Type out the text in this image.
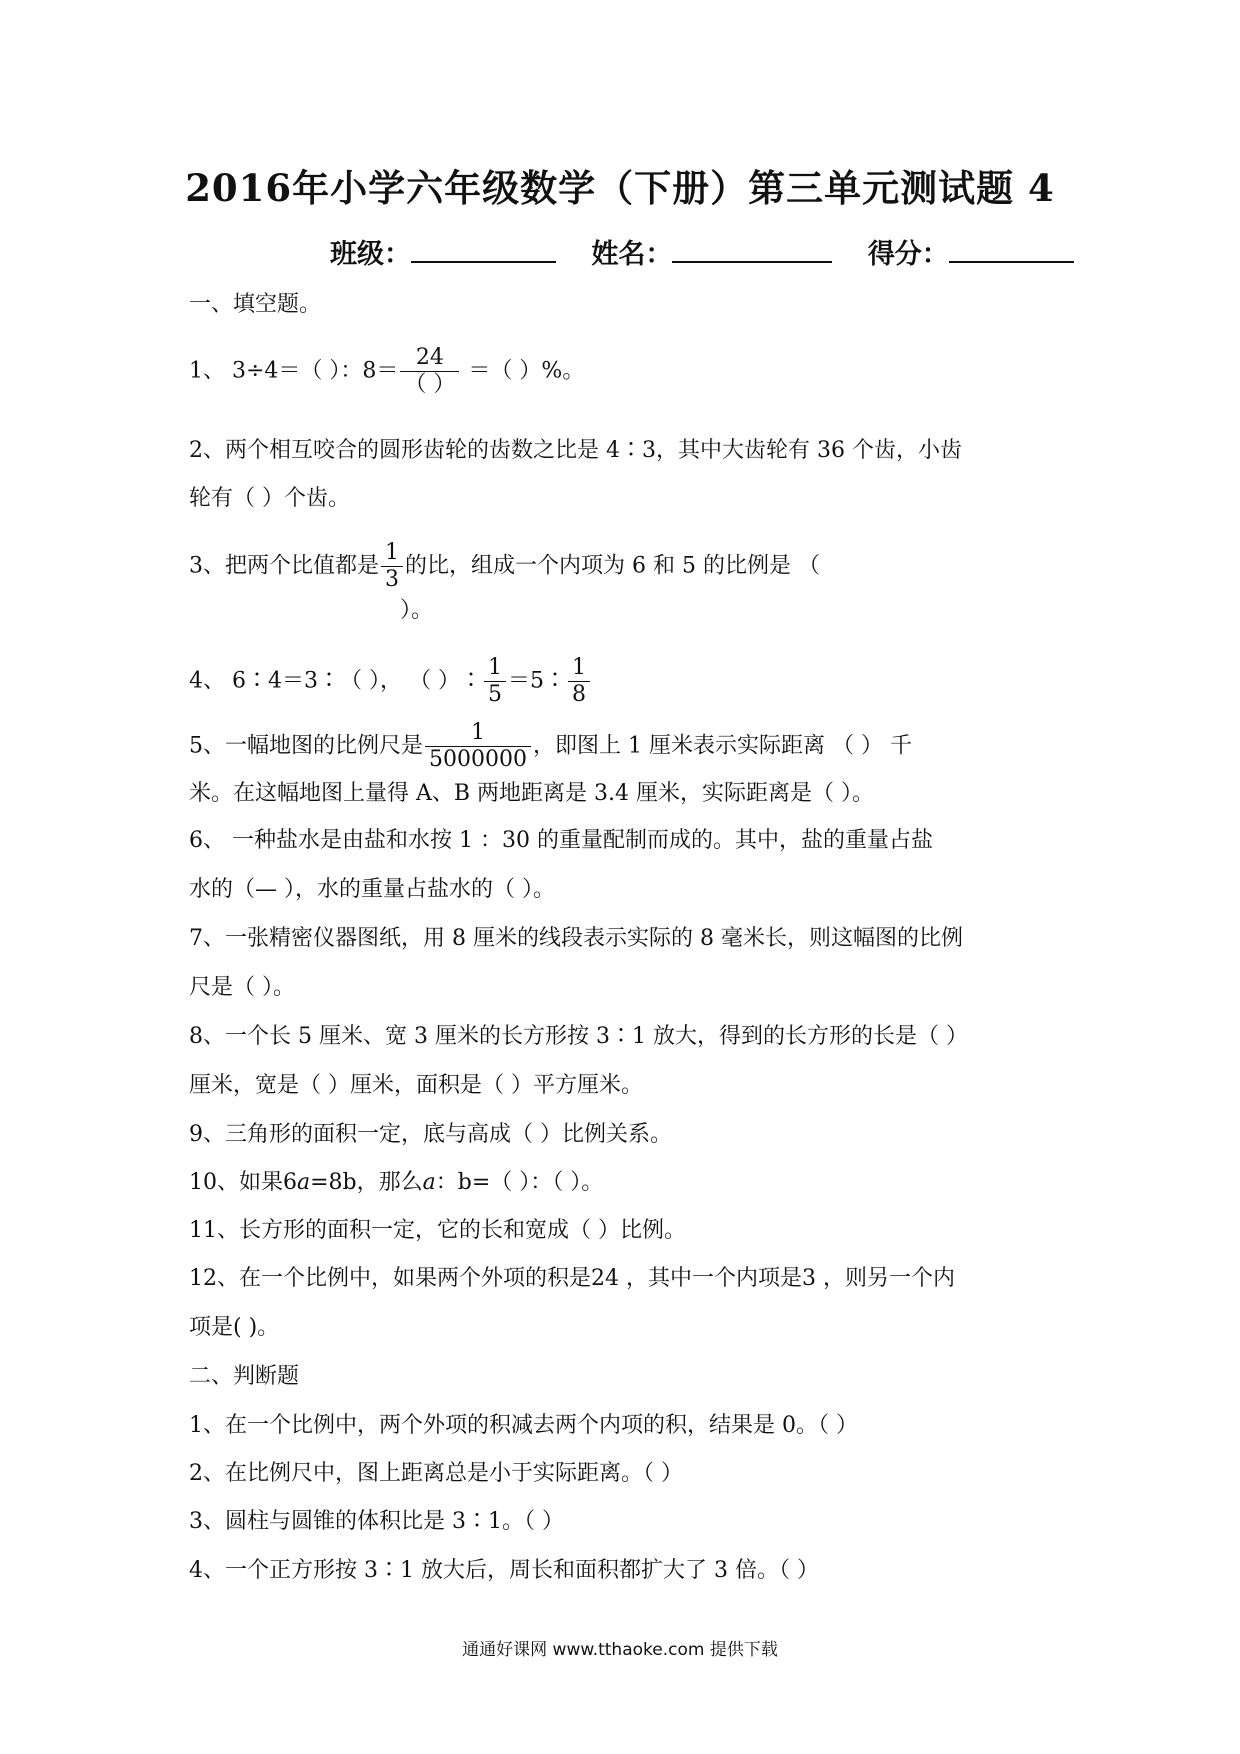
2016年小学六年级数学（下册）第三单元测试题 4
班级：	姓名：	得分：
一、填空题。
1、 3÷4＝（ ）：$8= \frac{24}{( )}$ ＝（ ）%。
2、两个相互咬合的圆形齿轮的齿数之比是 4∶3，其中大齿轮有 36 个齿，小齿
轮有（ ）个齿。
3、把两个比值都是 $\frac{1}{3}$ 的比，组成一个内项为 6 和 5 的比例是 （
）。
4、 6∶4＝3∶（ ）， （ ）∶ $\frac{1}{5}$ ＝5∶ $\frac{1}{8}$
5、一幅地图的比例尺是 $\frac{1}{5000000}$ ，即图上 1 厘米表示实际距离 （ ） 千
米。在这幅地图上量得 A、B 两地距离是 3.4 厘米，实际距离是（ ）。
6、 一种盐水是由盐和水按 1 ：30 的重量配制而成的。其中，盐的重量占盐
水的（— ），水的重量占盐水的（ ）。
7、一张精密仪器图纸，用 8 厘米的线段表示实际的 8 毫米长，则这幅图的比例
尺是（ ）。
8、一个长 5 厘米、宽 3 厘米的长方形按 3∶1 放大，得到的长方形的长是（ ）
厘米，宽是（ ）厘米，面积是（ ）平方厘米。
9、三角形的面积一定，底与高成（ ）比例关系。
10、如果6a=8b，那么a：b=（ ）：（ ）。
11、长方形的面积一定，它的长和宽成（ ）比例。
12、在一个比例中，如果两个外项的积是24 ，其中一个内项是3 ，则另一个内
项是( )。
二、判断题
1、在一个比例中，两个外项的积减去两个内项的积，结果是 0。（ ）
2、在比例尺中，图上距离总是小于实际距离。（ ）
3、圆柱与圆锥的体积比是 3∶1。（ ）
4、一个正方形按 3∶1 放大后，周长和面积都扩大了 3 倍。（ ）
通通好课网 www.tthaoke.com 提供下载
